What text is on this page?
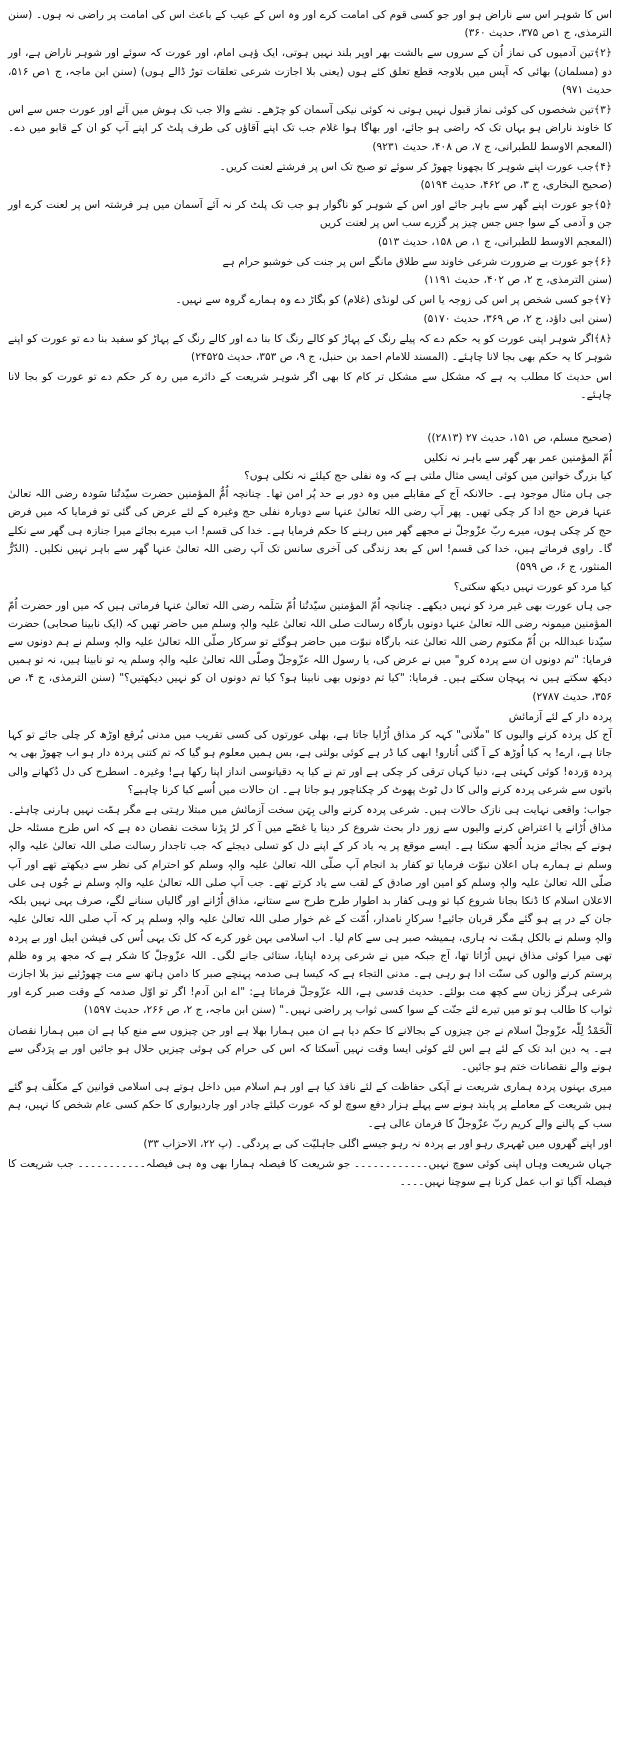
اس کا شوہر اس سے ناراض ہو اور جو کسی قوم کی امامت کرے اور وہ اس کے عیب کے باعث اس کی امامت پر راضی نہ ہوں۔ (سنن الترمذی، ج ۱ص ۳۷۵، حدیث ۳۶۰)
﴿۲﴾تین آدمیوں کی نماز اُن کے سروں سے بالشت بھر اوپر بلند نہیں ہوتی، ایک ؤہی امام، اور عورت کہ سوئے اور شوہر ناراض ہے، اور دو (مسلمان) بھائی کہ آپس میں بلاوجہ قطع تعلق کئے ہوں (یعنی بلا اجازت شرعی تعلقات توڑ ڈالے ہوں) (سنن ابن ماجہ، ج ۱ص ۵۱۶، حدیث ۹۷۱)
﴿۳﴾تین شخصوں کی کوئی نماز قبول نہیں ہوتی نہ کوئی نیکی آسمان کو چڑھے۔ نشے والا جب تک ہوش میں آئے اور عورت جس سے اس کا خاوند ناراض ہو یہاں تک کہ راضی ہو جائے، اور بھاگا ہوا غلام جب تک اپنے آقاؤں کی طرف پلٹ کر اپنے آپ کو ان کے قابو میں دے۔ (المعجم الاوسط للطبرانی، ج ۷، ص ۴۰۸، حدیث ۹۲۳۱)
﴿۴﴾جب عورت اپنے شوہر کا بچھونا چھوڑ کر سوئے تو صبح تک اس پر فرشتے لعنت کریں۔
(صحیح البخاری، ج ۳، ص ۴۶۲، حدیث ۵۱۹۴)
﴿۵﴾جو عورت اپنے گھر سے باہر جائے اور اس کے شوہر کو ناگوار ہو جب تک پلٹ کر نہ آئے آسمان میں ہر فرشتہ اس پر لعنت کرے اور جن و آدمی کے سوا جس جس چیز پر گزرے سب اس پر لعنت کریں
(المعجم الاوسط للطبرانی، ج ۱، ص ۱۵۸، حدیث ۵۱۳)
﴿۶﴾جو عورت بے ضرورت شرعی خاوند سے طلاق مانگے اس پر جنت کی خوشبو حرام ہے
(سنن الترمذی، ج ۲، ص ۴۰۲، حدیث ۱۱۹۱)
﴿۷﴾جو کسی شخص پر اس کی زوجہ یا اس کی لونڈی (غلام) کو بگاڑ دے وہ ہمارے گروہ سے نہیں۔
(سنن ابی داؤد، ج ۲، ص ۳۶۹، حدیث ۵۱۷۰)
﴿۸﴾اگر شوہر اپنی عورت کو یہ حکم دے کہ پیلے رنگ کے پہاڑ کو کالے رنگ کا بنا دے اور کالے رنگ کے پہاڑ کو سفید بنا دے تو عورت کو اپنے شوہر کا یہ حکم بھی بجا لانا چاہئے۔ (المسند للامام احمد بن حنبل، ج ۹، ص ۳۵۳، حدیث ۲۴۵۲۵)
اس حدیث کا مطلب یہ ہے کہ مشکل سے مشکل تر کام کا بھی اگر شوہر شریعت کے دائرے میں رہ کر حکم دے تو عورت کو بجا لانا چاہئے۔
(صحیح مسلم، ص ۱۵۱، حدیث ۲۷ (۲۸۱۳))
اُمّ المؤمنین عمر بھر گھر سے باہر نہ نکلیں
کیا بزرگ خواتین میں کوئی ایسی مثال ملتی ہے کہ وہ نفلی حج کیلئے نہ نکلی ہوں؟
جی ہاں مثال موجود ہے۔ حالانکہ آج کے مقابلے میں وہ دور بے حد پُر امن تھا۔ چنانچہ اُمُّ المؤمنین حضرت سیّدتُنا سَودہ رضی اللہ تعالیٰ عنہا فرض حج ادا کر چکی تھیں۔ پھر آپ رضی اللہ تعالیٰ عنہا سے دوبارہ نفلی حج وغیرہ کے لئے عرض کی گئی تو فرمایا کہ میں فرض حج کر چکی ہوں، میرے ربّ عزّوجلّ نے مجھے گھر میں رہنے کا حکم فرمایا ہے۔ خدا کی قسم! اب میرے بجائے میرا جنازہ ہی گھر سے نکلے گا۔ راوی فرماتے ہیں، خدا کی قسم! اس کے بعد زندگی کی آخری سانس تک آپ رضی اللہ تعالیٰ عنہا گھر سے باہر نہیں نکلیں۔ (الدّرُّ المنثور، ج ۶، ص ۵۹۹)
کیا مرد کو عورت نہیں دیکھ سکتی؟
جی ہاں عورت بھی غیر مرد کو نہیں دیکھے۔ چنانچہ اُمّ المؤمنین سیّدتُنا اُمّ سَلَمہ رضی اللہ تعالیٰ عنہا فرماتی ہیں کہ میں اور حضرت اُمّ المؤمنین میمونہ رضی اللہ تعالیٰ عنہا دونوں بارگاہ رسالت صلی اللہ تعالیٰ علیہ والہٖ وسلم میں حاضر تھیں کہ (ایک نابینا صحابی) حضرت سیّدنا عبداللہ بن اُمّ مکتوم رضی اللہ تعالیٰ عنہ بارگاہ نبوّت میں حاضر ہوگئے تو سرکار صلّی اللہ تعالیٰ علیہ والہٖ وسلم نے ہم دونوں سے فرمایا: "تم دونوں ان سے پردہ کرو" میں نے عرض کی، یا رسول اللہ عزّوجلّ وصلّی اللہ تعالیٰ علیہ والہٖ وسلم یہ تو نابینا ہیں، نہ تو ہمیں دیکھ سکتے ہیں نہ پہچان سکتے ہیں۔ فرمایا: "کیا تم دونوں بھی نابینا ہو؟ کیا تم دونوں ان کو نہیں دیکھتیں؟" (سنن الترمذی، ج ۴، ص ۳۵۶، حدیث ۲۷۸۷)
پردہ دار کے لئے آزمائش
آج کل پردہ کرنے والیوں کا "ملّانی" کہہ کر مذاق اُڑایا جاتا ہے، بھلی عورتوں کی کسی تقریب میں مدنی بُرقع اوڑھ کر چلی جائے تو کہا جاتا ہے، ارے! یہ کیا اُوڑھ کے آ گئی اُتارو! ابھی کیا ڈر ہے کوئی بولتی ہے، بس ہمیں معلوم ہو گیا کہ تم کتنی پردہ دار ہو اب چھوڑ بھی یہ پردہ وَردہ! کوئی کہتی ہے، دنیا کہاں ترقی کر چکی ہے اور تم نے کیا یہ دقیانوسی انداز اپنا رکھا ہے! وغیرہ۔ اسطرح کی دل دُکھانے والی باتوں سے شرعی پردہ کرنے والی کا دل ٹوٹ پھوٹ کر چکناچور ہو جاتا ہے۔ ان حالات میں اُسے کیا کرنا چاہیے؟
جواب: واقعی نہایت ہی نازک حالات ہیں۔ شرعی پردہ کرنے والی بِہَن سخت آزمائش میں مبتلا رہتی ہے مگر ہمّت نہیں ہارنی چاہئے۔ مذاق اُڑانے یا اعتراض کرنے والیوں سے زور دار بحث شروع کر دینا یا غصّے میں آ کر لڑ پڑنا سخت نقصان دہ ہے کہ اس طرح مسئلہ حل ہونے کے بجائے مزید اُلجھ سکتا ہے۔ ایسے موقع پر یہ یاد کر کے اپنے دل کو تسلی دیجئے کہ جب تاجدار رسالت صلی اللہ تعالیٰ علیہ والہٖ وسلم نے ہمارے ہاں اعلان نبوّت فرمایا تو کفار بد انجام آپ صلّی اللہ تعالیٰ علیہ والہٖ وسلم کو احترام کی نظر سے دیکھتے تھے اور آپ صلّی اللہ تعالیٰ علیہ والہٖ وسلم کو امین اور صادق کے لقب سے یاد کرتے تھے۔ جب آپ صلی اللہ تعالیٰ علیہ والہٖ وسلم نے جُوں ہی علی الاعلان اسلام کا ڈنکا بجانا شروع کیا تو وہی کفار بد اطوار طرح طرح سے ستانے، مذاق اُڑانے اور گالیاں سنانے لگے، صرف یہی نہیں بلکہ جان کے در پے ہو گئے مگر قربان جائیے! سرکارِ نامدار، اُمّت کے غم خوار صلی اللہ تعالیٰ علیہ والہٖ وسلم پر کہ آپ صلی اللہ تعالیٰ علیہ والہٖ وسلم نے بالکل ہمّت نہ ہاری، ہمیشہ صبر ہی سے کام لیا۔ اب اسلامی بہن غور کرے کہ کل تک یہی اُس کی فیشن ایبل اور بے پردہ تھی میرا کوئی مذاق نہیں اُڑاتا تھا، آج جبکہ میں نے شرعی پردہ اپنایا، ستائی جانے لگی۔ اللہ عزّوجلّ کا شکر ہے کہ مجھ پر وہ ظلم پرستم کرنے والوں کی سنّت ادا ہو رہی ہے۔ مدنی التجاء ہے کہ کیسا ہی صدمہ پہنچے صبر کا دامن ہاتھ سے مت چھوڑئیے نیز بلا اجازت شرعی ہرگز زبان سے کچھ مت بولئے۔ حدیث قدسی ہے، اللہ عزّوجلّ فرماتا ہے: "اے ابن آدم! اگر تو اوّل صدمہ کے وقت صبر کرے اور ثواب کا طالب ہو تو میں تیرے لئے جنّت کے سوا کسی ثواب پر راضی نہیں۔" (سنن ابن ماجہ، ج ۲، ص ۲۶۶، حدیث ۱۵۹۷)
اَلْحَمْدُ لِلّٰہ عزّوجلّ اسلام نے جن چیزوں کے بجالانے کا حکم دیا ہے ان میں ہمارا بھلا ہے اور جن چیزوں سے منع کیا ہے ان میں ہمارا نقصان ہے۔ یہ دین ابد تک کے لئے ہے اس لئے کوئی ایسا وقت نہیں آسکتا کہ اس کی حرام کی ہوئی چیزیں حلال ہو جائیں اور بے پرَدگی سے ہونے والے نقصانات ختم ہو جائیں۔
میری بہنوں پردہ ہماری شریعت نے آپکی حفاظت کے لئے نافذ کیا ہے اور ہم اسلام میں داخل ہوتے ہی اسلامی قوانین کے مکلّف ہو گئے ہیں شریعت کے معاملے پر پابند ہونے سے پہلے ہزار دفع سوچ لو کہ عورت کیلئے چادر اور چاردیواری کا حکم کسی عام شخص کا نہیں، ہم سب کے پالنے والے کریم ربّ عزّوجلّ کا فرمان عالی ہے۔
اور اپنے گھروں میں ٹھہری رہو اور بے پردہ نہ رہو جیسے اگلی جاہلیّت کی بے پردگی۔ (پ ۲۲، الاحزاب ۳۳)
جہاں شریعت وہاں اپنی کوئی سوچ نہیں۔۔۔۔۔۔۔۔۔۔۔۔ جو شریعت کا فیصلہ ہمارا بھی وہ ہی فیصلہ۔۔۔۔۔۔۔۔۔۔۔ جب شریعت کا فیصلہ آگیا تو اب عمل کرنا ہے سوچنا نہیں۔۔۔۔
